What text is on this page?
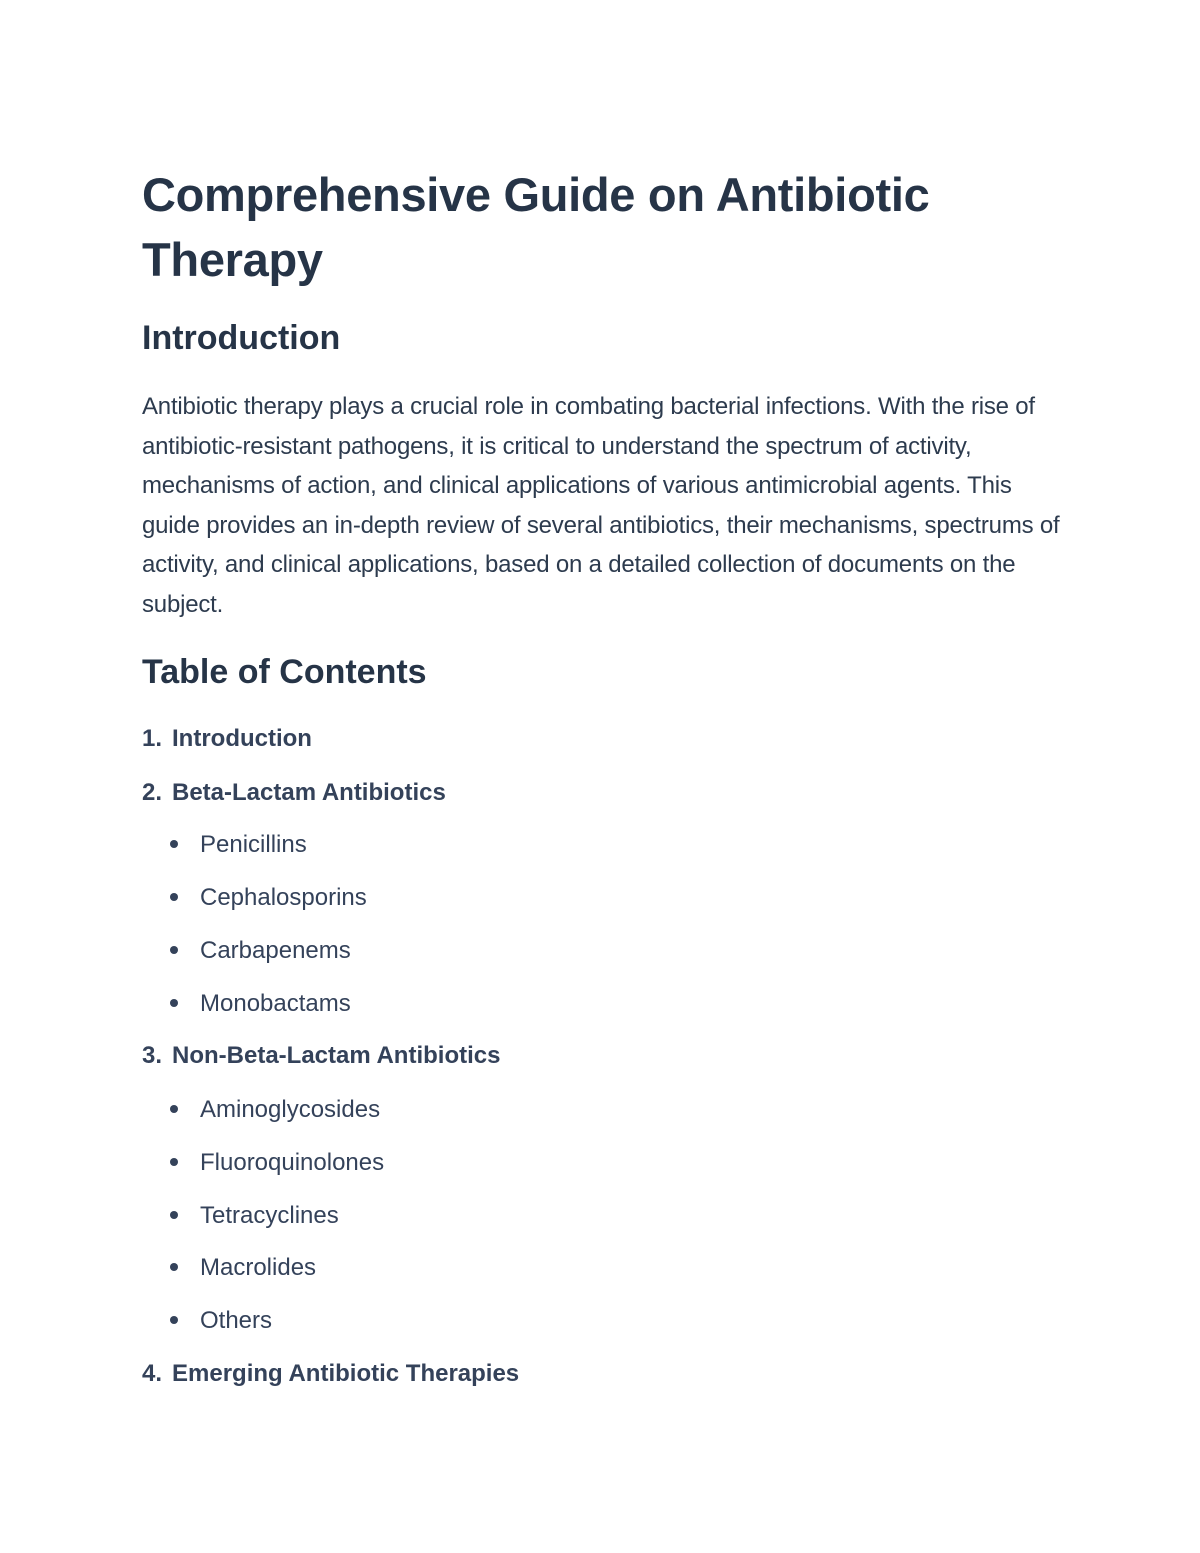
Comprehensive Guide on Antibiotic Therapy
Introduction

Antibiotic therapy plays a crucial role in combating bacterial infections. With the rise of antibiotic-resistant pathogens, it is critical to understand the spectrum of activity, mechanisms of action, and clinical applications of various antimicrobial agents. This guide provides an in-depth review of several antibiotics, their mechanisms, spectrums of activity, and clinical applications, based on a detailed collection of documents on the subject.

Table of Contents
1. Introduction
2. Beta-Lactam Antibiotics
Penicillins
Cephalosporins
Carbapenems
Monobactams
3. Non-Beta-Lactam Antibiotics
Aminoglycosides
Fluoroquinolones
Tetracyclines
Macrolides
Others
4. Emerging Antibiotic Therapies
